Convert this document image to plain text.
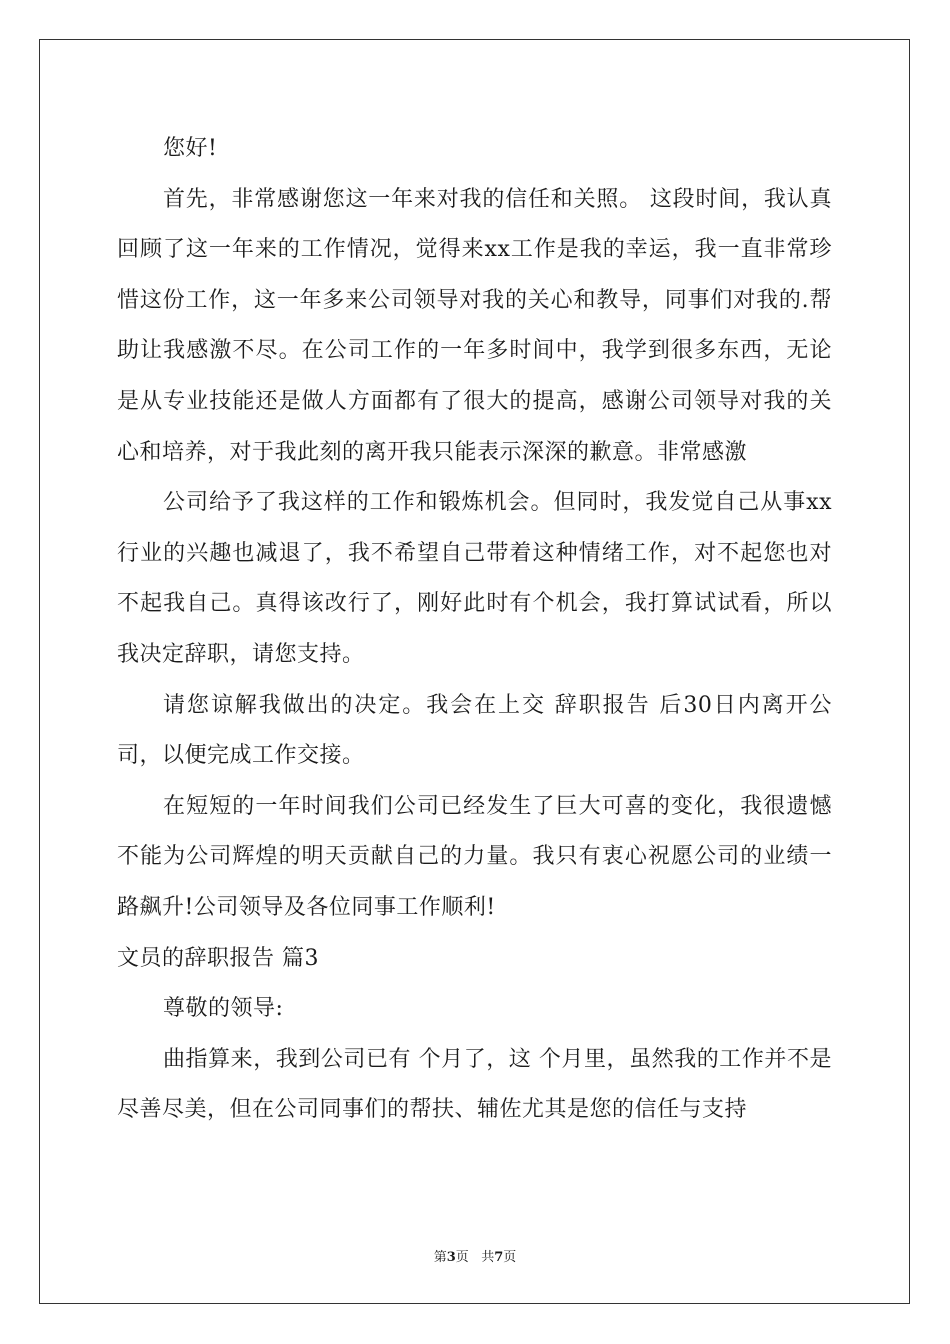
您好!

首先，非常感谢您这一年来对我的信任和关照。 这段时间，我认真回顾了这一年来的工作情况，觉得来xx工作是我的幸运，我一直非常珍惜这份工作，这一年多来公司领导对我的关心和教导，同事们对我的.帮助让我感激不尽。在公司工作的一年多时间中，我学到很多东西，无论是从专业技能还是做人方面都有了很大的提高，感谢公司领导对我的关心和培养，对于我此刻的离开我只能表示深深的歉意。非常感激

公司给予了我这样的工作和锻炼机会。但同时，我发觉自己从事xx行业的兴趣也减退了，我不希望自己带着这种情绪工作，对不起您也对不起我自己。真得该改行了，刚好此时有个机会，我打算试试看，所以我决定辞职，请您支持。

请您谅解我做出的决定。我会在上交 辞职报告 后30日内离开公司，以便完成工作交接。

在短短的一年时间我们公司已经发生了巨大可喜的变化，我很遗憾不能为公司辉煌的明天贡献自己的力量。我只有衷心祝愿公司的业绩一路飙升!公司领导及各位同事工作顺利!

文员的辞职报告 篇3

尊敬的领导:

曲指算来，我到公司已有 个月了，这 个月里，虽然我的工作并不是尽善尽美，但在公司同事们的帮扶、辅佐尤其是您的信任与支持

第3页   共7页
